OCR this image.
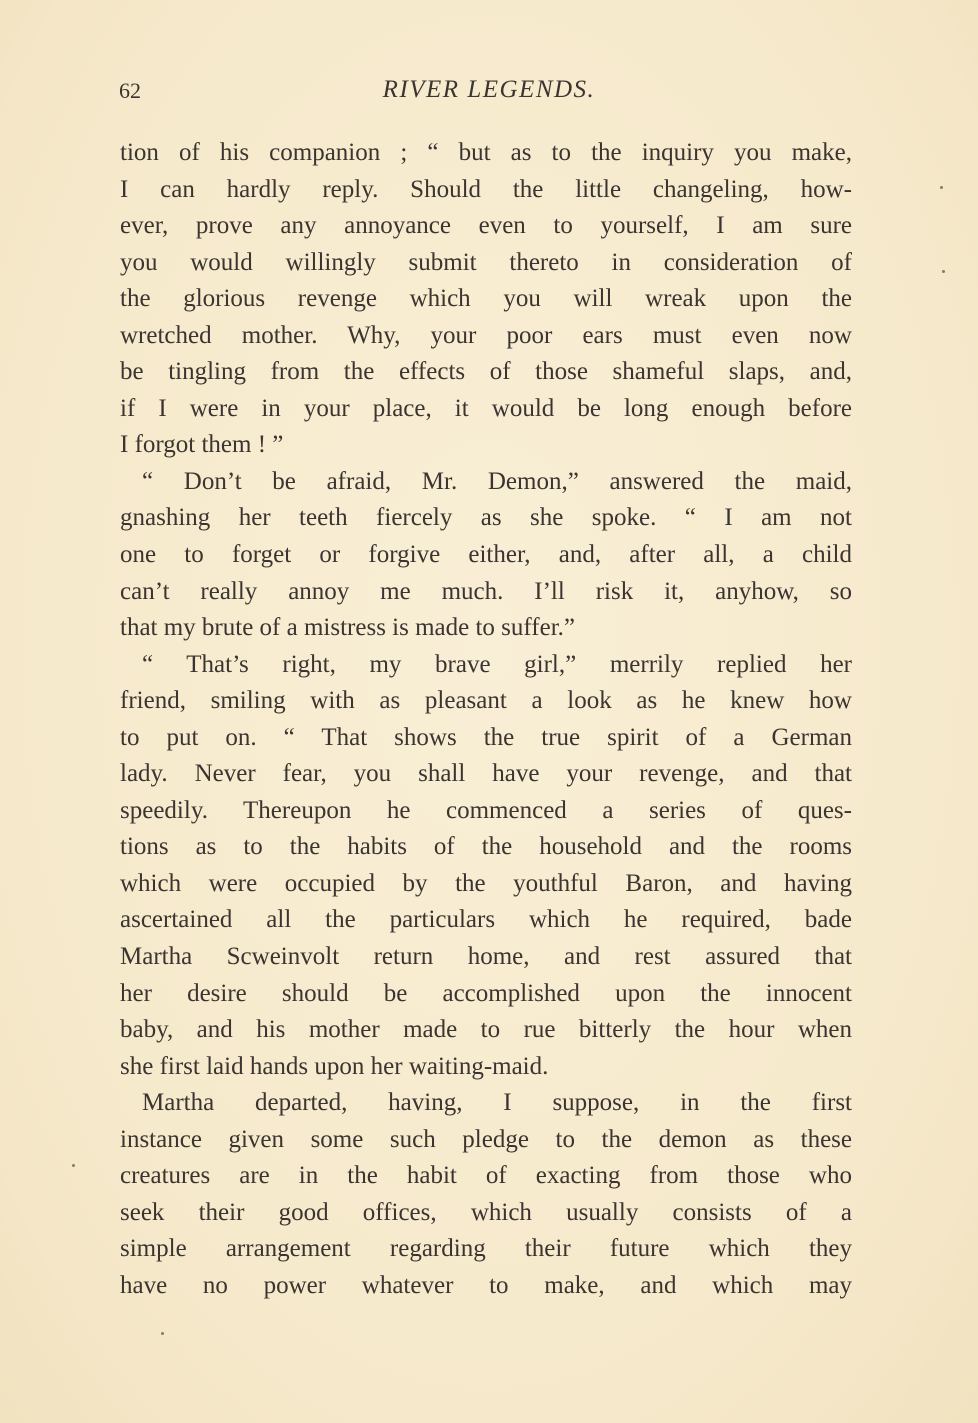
62	RIVER LEGENDS.
tion of his companion ; “ but as to the inquiry you make,
I can hardly reply. Should the little changeling, how-
ever, prove any annoyance even to yourself, I am sure
you would willingly submit thereto in consideration of
the glorious revenge which you will wreak upon the
wretched mother. Why, your poor ears must even now
be tingling from the effects of those shameful slaps, and,
if I were in your place, it would be long enough before
I forgot them ! ”
“ Don’t be afraid, Mr. Demon,” answered the maid,
gnashing her teeth fiercely as she spoke. “ I am not
one to forget or forgive either, and, after all, a child
can’t really annoy me much. I’ll risk it, anyhow, so
that my brute of a mistress is made to suffer.”
“ That’s right, my brave girl,” merrily replied her
friend, smiling with as pleasant a look as he knew how
to put on. “ That shows the true spirit of a German
lady. Never fear, you shall have your revenge, and that
speedily. Thereupon he commenced a series of ques-
tions as to the habits of the household and the rooms
which were occupied by the youthful Baron, and having
ascertained all the particulars which he required, bade
Martha Scweinvolt return home, and rest assured that
her desire should be accomplished upon the innocent
baby, and his mother made to rue bitterly the hour when
she first laid hands upon her waiting-maid.
Martha departed, having, I suppose, in the first
instance given some such pledge to the demon as these
creatures are in the habit of exacting from those who
seek their good offices, which usually consists of a
simple arrangement regarding their future which they
have no power whatever to make, and which may
